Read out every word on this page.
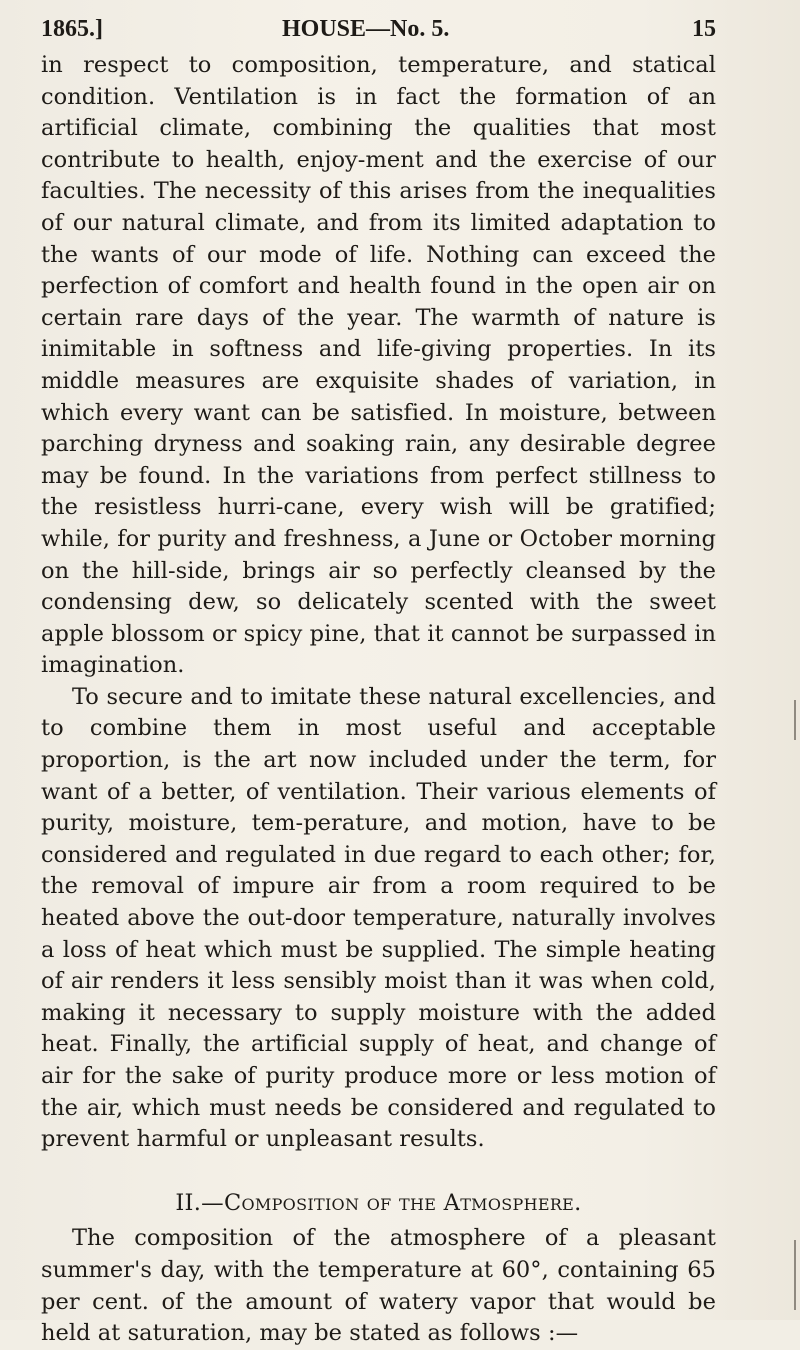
1865.]	HOUSE—No. 5.	15

in respect to composition, temperature, and statical condition. Ventilation is in fact the formation of an artificial climate, combining the qualities that most contribute to health, enjoy-ment and the exercise of our faculties. The necessity of this arises from the inequalities of our natural climate, and from its limited adaptation to the wants of our mode of life. Nothing can exceed the perfection of comfort and health found in the open air on certain rare days of the year. The warmth of nature is inimitable in softness and life-giving properties. In its middle measures are exquisite shades of variation, in which every want can be satisfied. In moisture, between parching dryness and soaking rain, any desirable degree may be found. In the variations from perfect stillness to the resistless hurri-cane, every wish will be gratified; while, for purity and freshness, a June or October morning on the hill-side, brings air so perfectly cleansed by the condensing dew, so delicately scented with the sweet apple blossom or spicy pine, that it cannot be surpassed in imagination.

To secure and to imitate these natural excellencies, and to combine them in most useful and acceptable proportion, is the art now included under the term, for want of a better, of ventilation. Their various elements of purity, moisture, tem-perature, and motion, have to be considered and regulated in due regard to each other; for, the removal of impure air from a room required to be heated above the out-door temperature, naturally involves a loss of heat which must be supplied. The simple heating of air renders it less sensibly moist than it was when cold, making it necessary to supply moisture with the added heat. Finally, the artificial supply of heat, and change of air for the sake of purity produce more or less motion of the air, which must needs be considered and regulated to prevent harmful or unpleasant results.

II.—Composition of the Atmosphere.

The composition of the atmosphere of a pleasant summer's day, with the temperature at 60°, containing 65 per cent. of the amount of watery vapor that would be held at saturation, may be stated as follows :—
